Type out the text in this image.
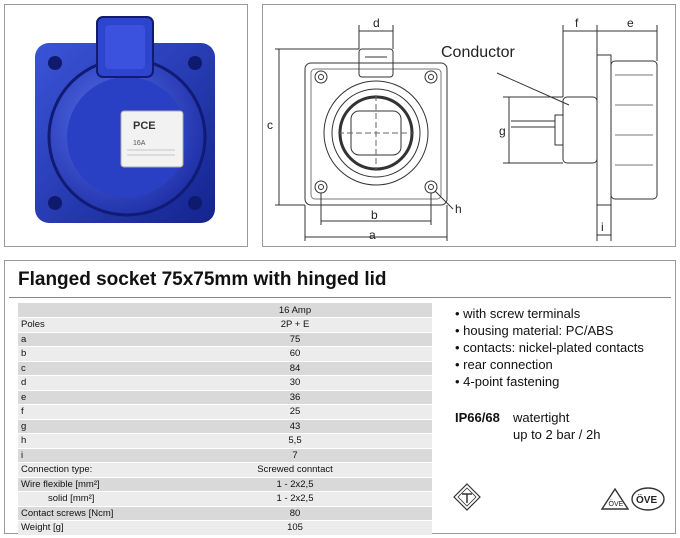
PCE
16A
a
b
c
d	e
f
g
h
i
Conductor
Flanged socket 75x75mm with hinged lid
	16 Amp
Poles	2P + E
a	75
b	60
c	84
d	30
e	36
f	25
g	43
h	5,5
i	7
Connection type:	Screwed conntact
Wire flexible [mm²]	1 - 2x2,5
solid [mm²]	1 - 2x2,5
Contact screws [Ncm]	80
Weight [g]	105
• with screw terminals
• housing material: PC/ABS
• contacts: nickel-plated contacts
• rear connection
• 4-point fastening
IP66/68 watertight
up to 2 bar / 2h
ÖVE ÖVE
